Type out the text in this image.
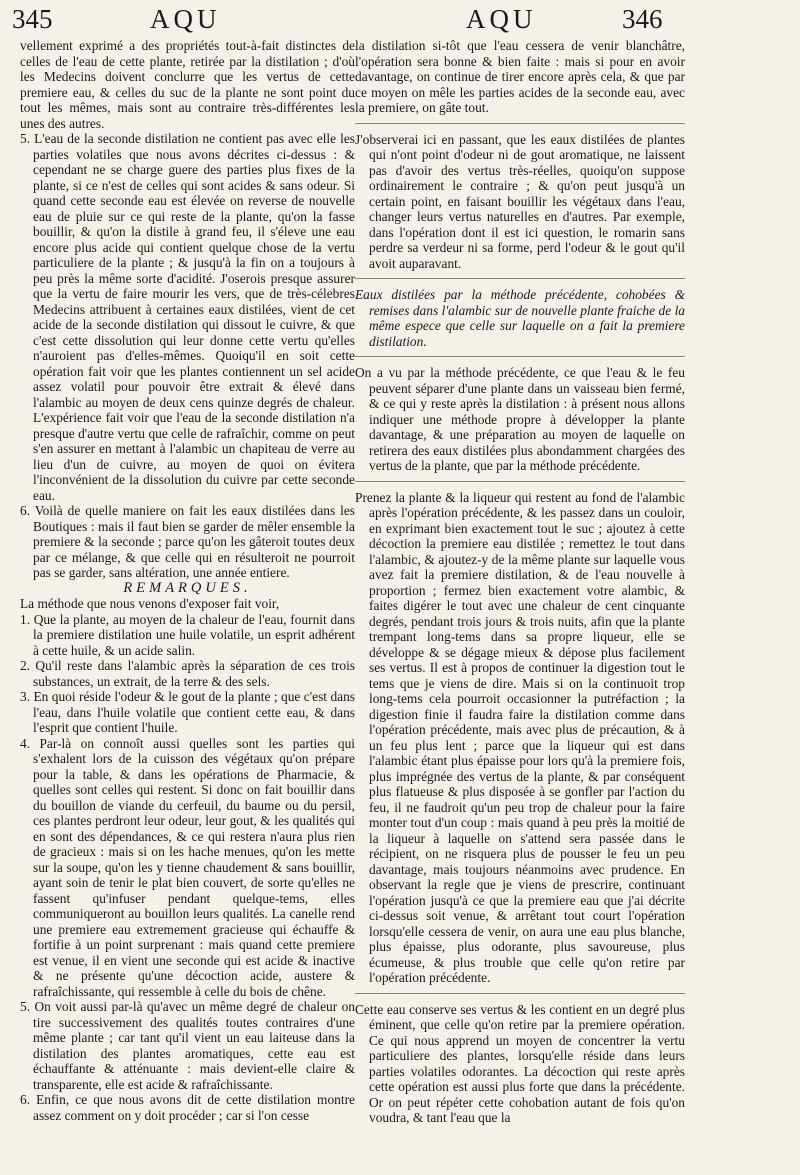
345	AQU	AQU	346

vellement exprimé a des propriétés tout-à-fait distinctes de celles de l'eau de cette plante, retirée par la distilation ; d'où les Medecins doivent conclurre que les vertus de cette premiere eau, & celles du suc de la plante ne sont point du tout les mêmes, mais sont au contraire très-différentes les unes des autres.

5. L'eau de la seconde distilation ne contient pas avec elle les parties volatiles que nous avons décrites ci-dessus : & cependant ne se charge guere des parties plus fixes de la plante, si ce n'est de celles qui sont acides & sans odeur. Si quand cette seconde eau est élevée on reverse de nouvelle eau de pluie sur ce qui reste de la plante, qu'on la fasse bouillir, & qu'on la distile à grand feu, il s'éleve une eau encore plus acide qui contient quelque chose de la vertu particuliere de la plante ; & jusqu'à la fin on a toujours à peu près la même sorte d'acidité. J'oserois presque assurer que la vertu de faire mourir les vers, que de très-célebres Medecins attribuent à certaines eaux distilées, vient de cet acide de la seconde distilation qui dissout le cuivre, & que c'est cette dissolution qui leur donne cette vertu qu'elles n'auroient pas d'elles-mêmes. Quoiqu'il en soit cette opération fait voir que les plantes contiennent un sel acide assez volatil pour pouvoir être extrait & élevé dans l'alambic au moyen de deux cens quinze degrés de chaleur. L'expérience fait voir que l'eau de la seconde distilation n'a presque d'autre vertu que celle de rafraîchir, comme on peut s'en assurer en mettant à l'alambic un chapiteau de verre au lieu d'un de cuivre, au moyen de quoi on évitera l'inconvénient de la dissolution du cuivre par cette seconde eau.

6. Voilà de quelle maniere on fait les eaux distilées dans les Boutiques : mais il faut bien se garder de mêler ensemble la premiere & la seconde ; parce qu'on les gâteroit toutes deux par ce mélange, & que celle qui en résulteroit ne pourroit pas se garder, sans altération, une année entiere.

REMARQUES.

La méthode que nous venons d'exposer fait voir,

1. Que la plante, au moyen de la chaleur de l'eau, fournit dans la premiere distilation une huile volatile, un esprit adhérent à cette huile, & un acide salin.

2. Qu'il reste dans l'alambic après la séparation de ces trois substances, un extrait, de la terre & des sels.

3. En quoi réside l'odeur & le gout de la plante ; que c'est dans l'eau, dans l'huile volatile que contient cette eau, & dans l'esprit que contient l'huile.

4. Par-là on connoît aussi quelles sont les parties qui s'exhalent lors de la cuisson des végétaux qu'on prépare pour la table, & dans les opérations de Pharmacie, & quelles sont celles qui restent. Si donc on fait bouillir dans du bouillon de viande du cerfeuil, du baume ou du persil, ces plantes perdront leur odeur, leur gout, & les qualités qui en sont des dépendances, & ce qui restera n'aura plus rien de gracieux : mais si on les hache menues, qu'on les mette sur la soupe, qu'on les y tienne chaudement & sans bouillir, ayant soin de tenir le plat bien couvert, de sorte qu'elles ne fassent qu'infuser pendant quelque-tems, elles communiqueront au bouillon leurs qualités. La canelle rend une premiere eau extremement gracieuse qui échauffe & fortifie à un point surprenant : mais quand cette premiere est venue, il en vient une seconde qui est acide & inactive & ne présente qu'une décoction acide, austere & rafraîchissante, qui ressemble à celle du bois de chêne.

5. On voit aussi par-là qu'avec un même degré de chaleur on tire successivement des qualités toutes contraires d'une même plante ; car tant qu'il vient un eau laiteuse dans la distilation des plantes aromatiques, cette eau est échauffante & atténuante : mais devient-elle claire & transparente, elle est acide & rafraîchissante.

6. Enfin, ce que nous avons dit de cette distilation montre assez comment on y doit procéder ; car si l'on cesse

la distilation si-tôt que l'eau cessera de venir blanchâtre, l'opération sera bonne & bien faite : mais si pour en avoir davantage, on continue de tirer encore après cela, & que par ce moyen on mêle les parties acides de la seconde eau, avec la premiere, on gâte tout.

J'observerai ici en passant, que les eaux distilées de plantes qui n'ont point d'odeur ni de gout aromatique, ne laissent pas d'avoir des vertus très-réelles, quoiqu'on suppose ordinairement le contraire ; & qu'on peut jusqu'à un certain point, en faisant bouillir les végétaux dans l'eau, changer leurs vertus naturelles en d'autres. Par exemple, dans l'opération dont il est ici question, le romarin sans perdre sa verdeur ni sa forme, perd l'odeur & le gout qu'il avoit auparavant.

Eaux distilées par la méthode précédente, cohobées & remises dans l'alambic sur de nouvelle plante fraiche de la même espece que celle sur laquelle on a fait la premiere distilation.

On a vu par la méthode précédente, ce que l'eau & le feu peuvent séparer d'une plante dans un vaisseau bien fermé, & ce qui y reste après la distilation : à présent nous allons indiquer une méthode propre à développer la plante davantage, & une préparation au moyen de laquelle on retirera des eaux distilées plus abondamment chargées des vertus de la plante, que par la méthode précédente.

Prenez la plante & la liqueur qui restent au fond de l'alambic après l'opération précédente, & les passez dans un couloir, en exprimant bien exactement tout le suc ; ajoutez à cette décoction la premiere eau distilée ; remettez le tout dans l'alambic, & ajoutez-y de la même plante sur laquelle vous avez fait la premiere distilation, & de l'eau nouvelle à proportion ; fermez bien exactement votre alambic, & faites digérer le tout avec une chaleur de cent cinquante degrés, pendant trois jours & trois nuits, afin que la plante trempant long-tems dans sa propre liqueur, elle se développe & se dégage mieux & dépose plus facilement ses vertus. Il est à propos de continuer la digestion tout le tems que je viens de dire. Mais si on la continuoit trop long-tems cela pourroit occasionner la putréfaction ; la digestion finie il faudra faire la distilation comme dans l'opération précédente, mais avec plus de précaution, & à un feu plus lent ; parce que la liqueur qui est dans l'alambic étant plus épaisse pour lors qu'à la premiere fois, plus imprégnée des vertus de la plante, & par conséquent plus flatueuse & plus disposée à se gonfler par l'action du feu, il ne faudroit qu'un peu trop de chaleur pour la faire monter tout d'un coup : mais quand à peu près la moitié de la liqueur à laquelle on s'attend sera passée dans le récipient, on ne risquera plus de pousser le feu un peu davantage, mais toujours néanmoins avec prudence. En observant la regle que je viens de prescrire, continuant l'opération jusqu'à ce que la premiere eau que j'ai décrite ci-dessus soit venue, & arrêtant tout court l'opération lorsqu'elle cessera de venir, on aura une eau plus blanche, plus épaisse, plus odorante, plus savoureuse, plus écumeuse, & plus trouble que celle qu'on retire par l'opération précédente.

Cette eau conserve ses vertus & les contient en un degré plus éminent, que celle qu'on retire par la premiere opération. Ce qui nous apprend un moyen de concentrer la vertu particuliere des plantes, lorsqu'elle réside dans leurs parties volatiles odorantes. La décoction qui reste après cette opération est aussi plus forte que dans la précédente. Or on peut répéter cette cohobation autant de fois qu'on voudra, & tant l'eau que la
